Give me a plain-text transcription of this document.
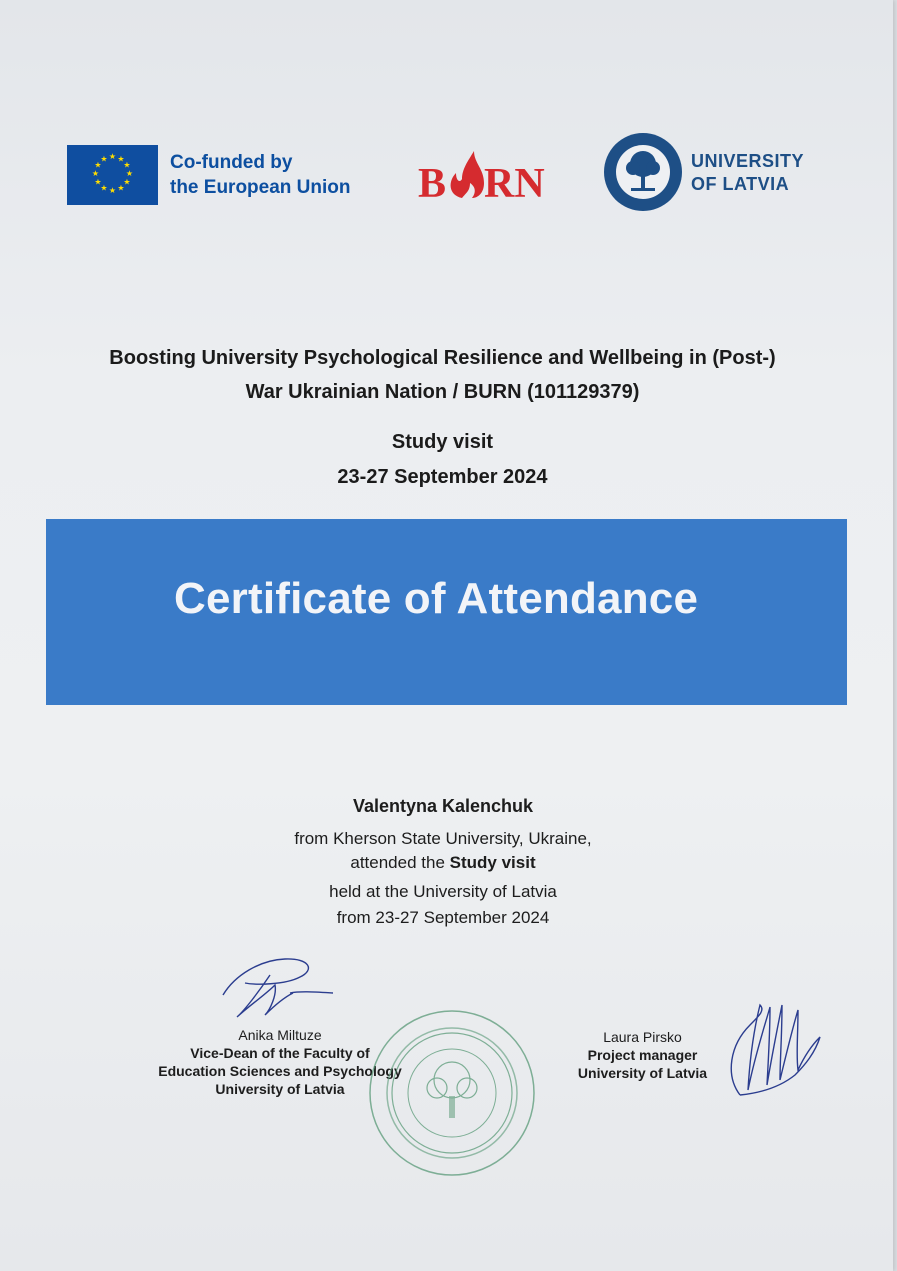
★ ★
★
★
★
★
★
★
★
★
★
★	Co-funded by
the European Union B RN	UNIVERSITY
OF LATVIA
Boosting University Psychological Resilience and Wellbeing in (Post-)
War Ukrainian Nation / BURN (101129379)
Study visit
23-27 September 2024
Certificate of Attendance
Valentyna Kalenchuk
from Kherson State University, Ukraine,
attended the Study visit
held at the University of Latvia
from 23-27 September 2024
Anika Miltuze
Vice-Dean of the Faculty of
Education Sciences and Psychology
University of Latvia
Laura Pirsko
Project manager
University of Latvia
